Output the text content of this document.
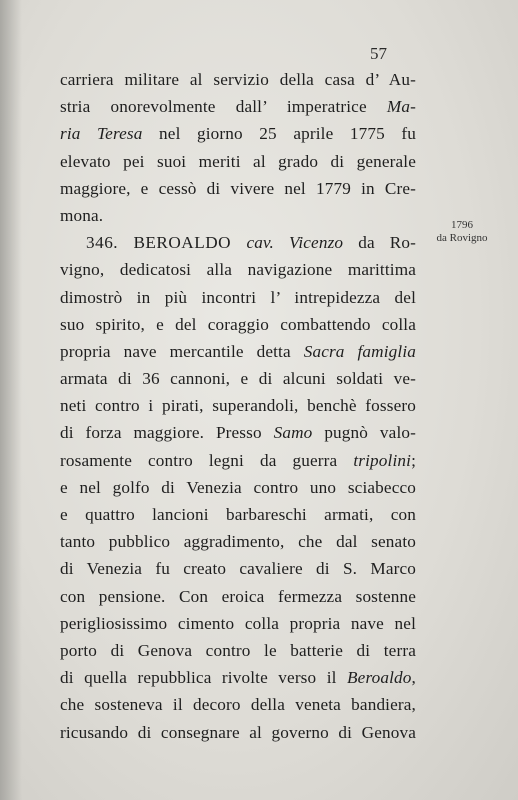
57
1796
da Rovigno
carriera militare al servizio della casa d’ Au-
stria onorevolmente dall’ imperatrice Ma-
ria Teresa nel giorno 25 aprile 1775 fu
elevato pei suoi meriti al grado di generale
maggiore, e cessò di vivere nel 1779 in Cre-
mona.
346. BEROALDO cav. Vicenzo da Ro-
vigno, dedicatosi alla navigazione marittima
dimostrò in più incontri l’ intrepidezza del
suo spirito, e del coraggio combattendo colla
propria nave mercantile detta Sacra famiglia
armata di 36 cannoni, e di alcuni soldati ve-
neti contro i pirati, superandoli, benchè fossero
di forza maggiore. Presso Samo pugnò valo-
rosamente contro legni da guerra tripolini;
e nel golfo di Venezia contro uno sciabecco
e quattro lancioni barbareschi armati, con
tanto pubblico aggradimento, che dal senato
di Venezia fu creato cavaliere di S. Marco
con pensione. Con eroica fermezza sostenne
perigliosissimo cimento colla propria nave nel
porto di Genova contro le batterie di terra
di quella repubblica rivolte verso il Beroaldo,
che sosteneva il decoro della veneta bandiera,
ricusando di consegnare al governo di Genova
